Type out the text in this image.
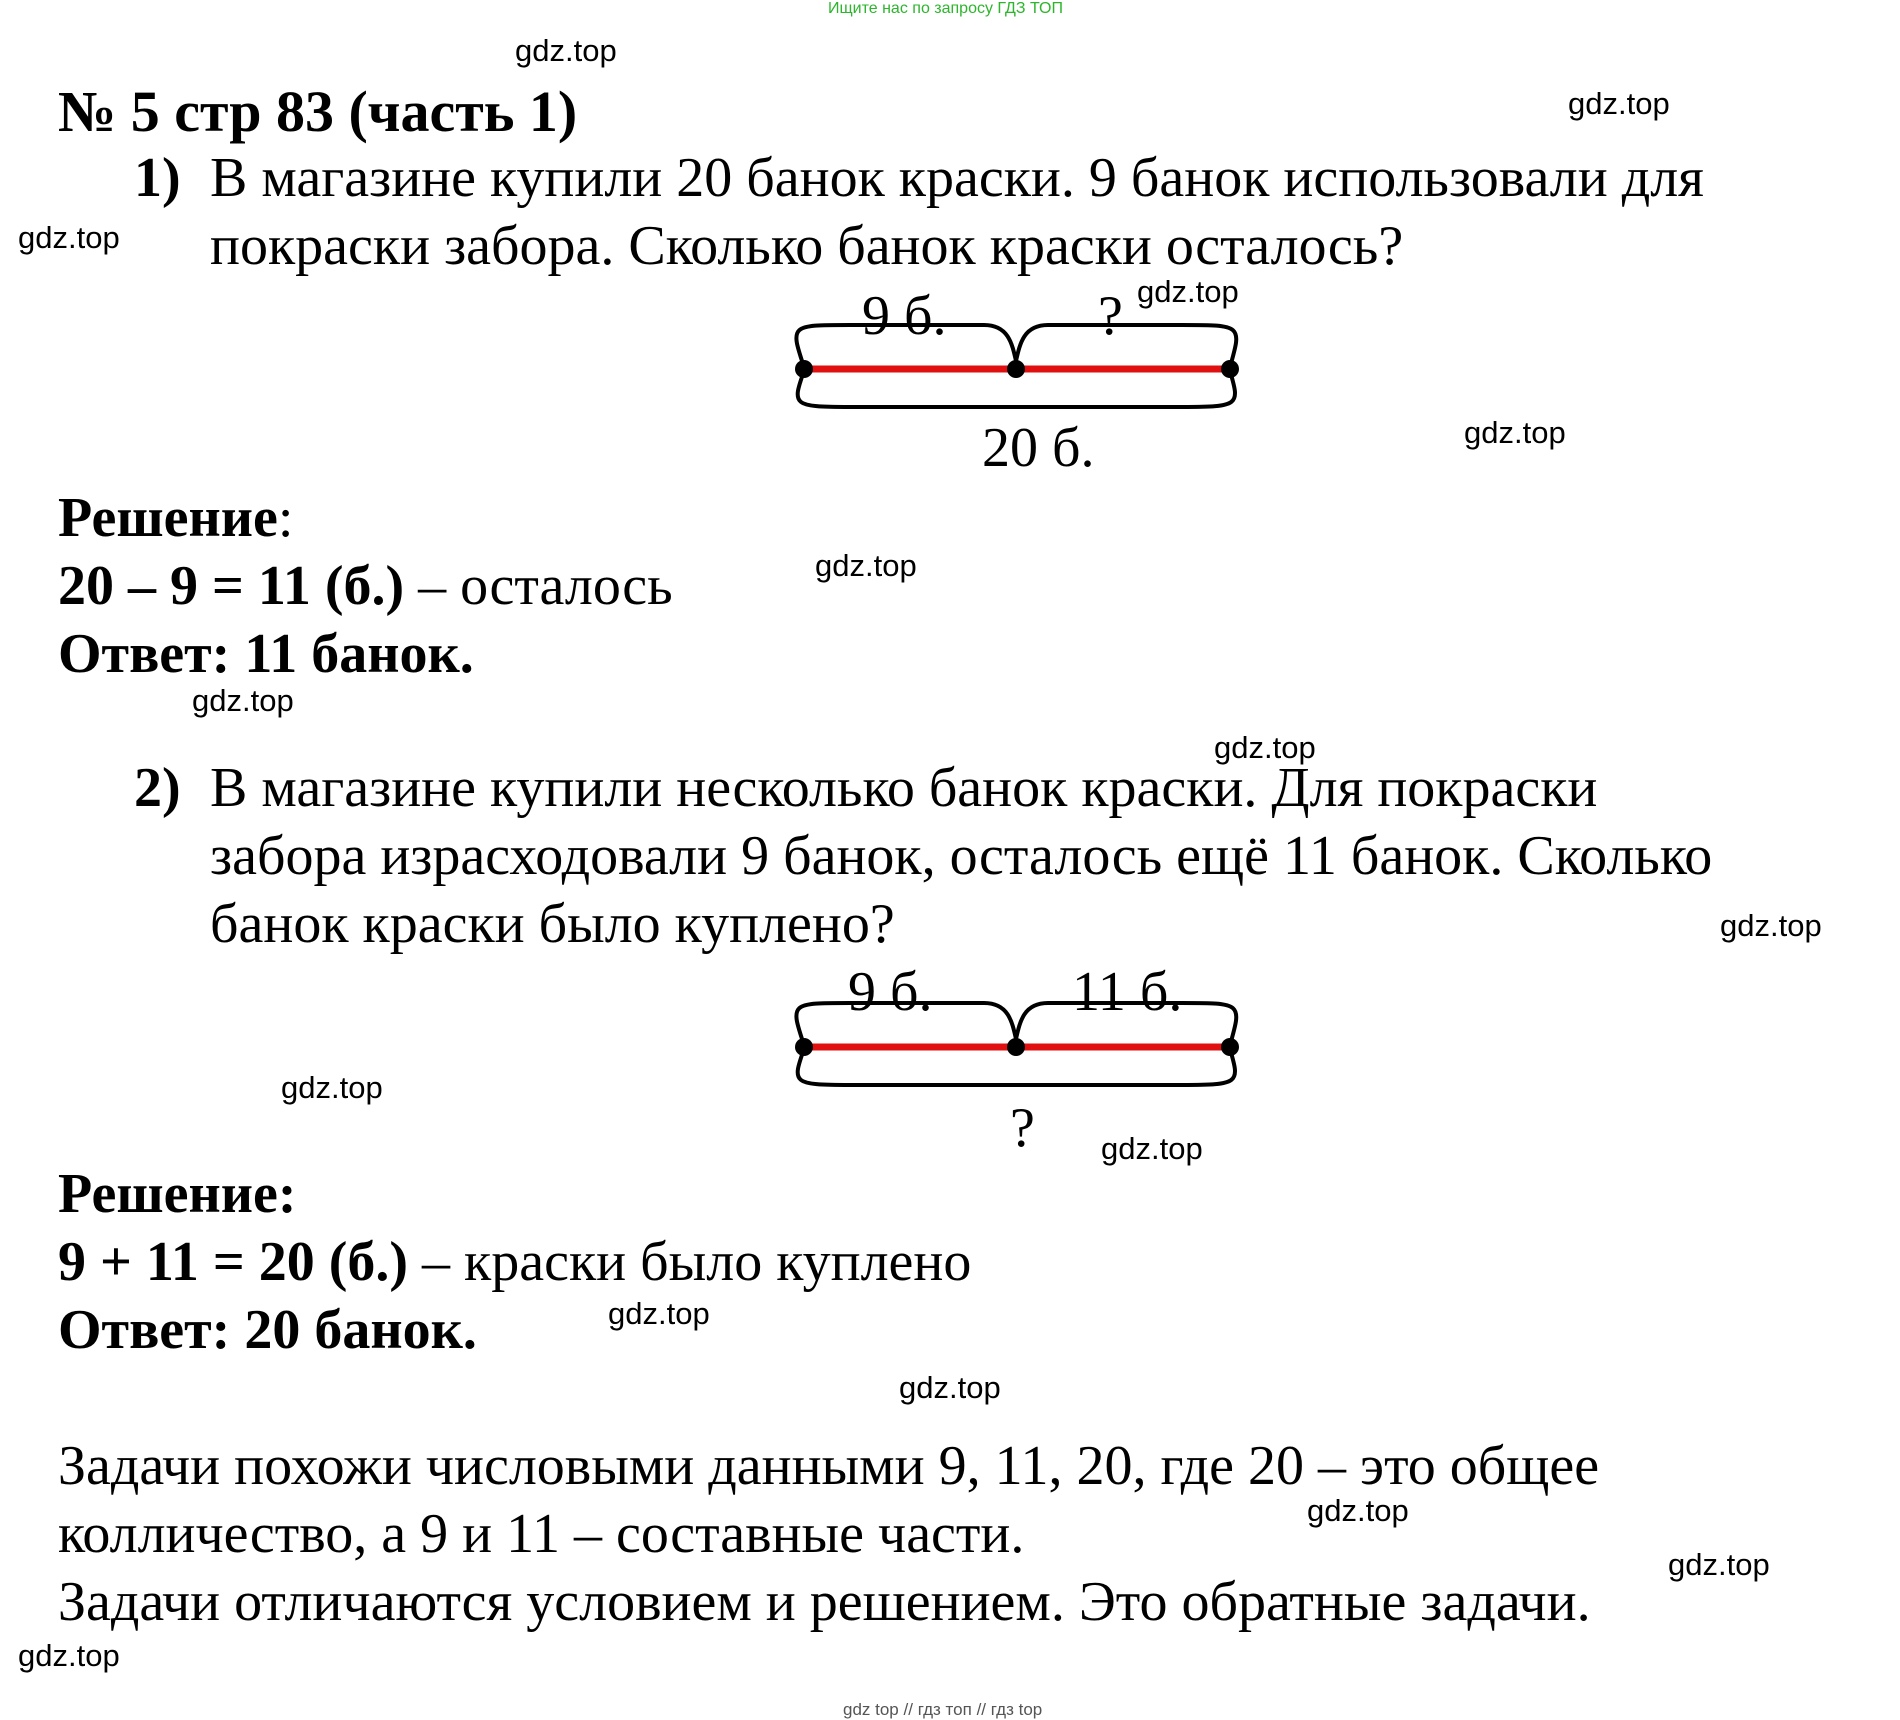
Ищите нас по запросу ГДЗ ТОП
gdz.top
gdz.top
gdz.top
gdz.top
gdz.top
gdz.top
gdz.top
gdz.top
gdz.top
gdz.top
gdz.top
gdz.top
gdz.top
gdz.top
gdz.top
gdz.top
№ 5 стр 83 (часть 1)
1) В магазине купили 20 банок краски. 9 банок использовали для
покраски забора. Сколько банок краски осталось?
9 б.	?
20 б.
Решение:
20 – 9 = 11 (б.) – осталось
Ответ: 11 банок.
2) В магазине купили несколько банок краски. Для покраски
забора израсходовали 9 банок, осталось ещё 11 банок. Сколько
банок краски было куплено?
9 б. 11 б.
?
Решение:
9 + 11 = 20 (б.) – краски было куплено
Ответ: 20 банок.
Задачи похожи числовыми данными 9, 11, 20, где 20 – это общее
колличество, а 9 и 11 – составные части.
Задачи отличаются условием и решением. Это обратные задачи.
gdz top // гдз топ // гдз top
